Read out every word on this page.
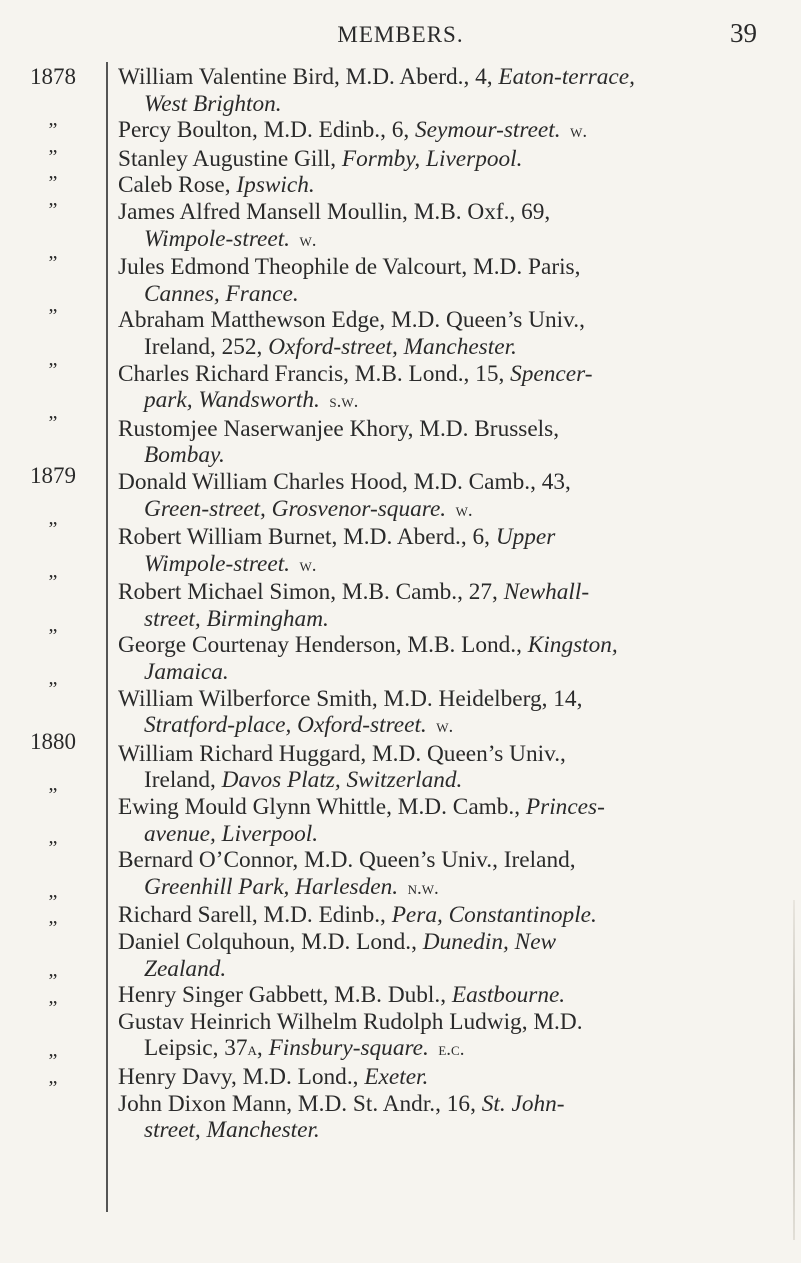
MEMBERS.	39
1878
”
”
”
”
”
”
”
”
1879
”
”
”
”
1880
”
”
”
”
”
”
”
”
William Valentine Bird, M.D. Aberd., 4, Eaton-terrace,
West Brighton.
Percy Boulton, M.D. Edinb., 6, Seymour-street.  w.
Stanley Augustine Gill, Formby, Liverpool.
Caleb Rose, Ipswich.
James Alfred Mansell Moullin, M.B. Oxf., 69,
Wimpole-street.  w.
Jules Edmond Theophile de Valcourt, M.D. Paris,
Cannes, France.
Abraham Matthewson Edge, M.D. Queen’s Univ.,
Ireland, 252, Oxford-street, Manchester.
Charles Richard Francis, M.B. Lond., 15, Spencer-
park, Wandsworth.  s.w.
Rustomjee Naserwanjee Khory, M.D. Brussels,
Bombay.
Donald William Charles Hood, M.D. Camb., 43,
Green-street, Grosvenor-square.  w.
Robert William Burnet, M.D. Aberd., 6, Upper
Wimpole-street.  w.
Robert Michael Simon, M.B. Camb., 27, Newhall-
street, Birmingham.
George Courtenay Henderson, M.B. Lond., Kingston,
Jamaica.
William Wilberforce Smith, M.D. Heidelberg, 14,
Stratford-place, Oxford-street.  w.
William Richard Huggard, M.D. Queen’s Univ.,
Ireland, Davos Platz, Switzerland.
Ewing Mould Glynn Whittle, M.D. Camb., Princes-
avenue, Liverpool.
Bernard O’Connor, M.D. Queen’s Univ., Ireland,
Greenhill Park, Harlesden.  n.w.
Richard Sarell, M.D. Edinb., Pera, Constantinople.
Daniel Colquhoun, M.D. Lond., Dunedin, New
Zealand.
Henry Singer Gabbett, M.B. Dubl., Eastbourne.
Gustav Heinrich Wilhelm Rudolph Ludwig, M.D.
Leipsic, 37a, Finsbury-square.  e.c.
Henry Davy, M.D. Lond., Exeter.
John Dixon Mann, M.D. St. Andr., 16, St. John-
street, Manchester.
